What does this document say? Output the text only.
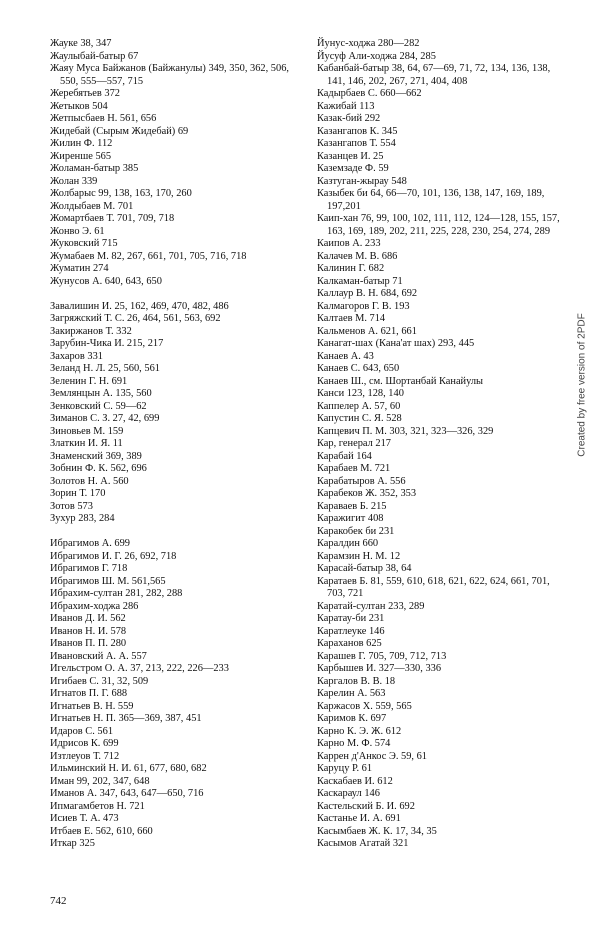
Жауке 38, 347
Жаулыбай-батыр 67
Жаяу Муса Байжанов (Байжанулы) 349, 350, 362, 506, 550, 555—557, 715
Жеребятьев 372
Жетыков 504
Жетпысбаев Н. 561, 656
Жидебай (Сырым Жидебай) 69
Жилин Ф. 112
Жиренше 565
Жоламан-батыр 385
Жолан 339
Жолбарыс 99, 138, 163, 170, 260
Жолдыбаев М. 701
Жомартбаев Т. 701, 709, 718
Жонво Э. 61
Жуковский 715
Жумабаев М. 82, 267, 661, 701, 705, 716, 718
Жуматин 274
Жунусов А. 640, 643, 650
Завалишин И. 25, 162, 469, 470, 482, 486
Загряжский Т. С. 26, 464, 561, 563, 692
Закиржанов Т. 332
Зарубин-Чика И. 215, 217
Захаров 331
Зеланд Н. Л. 25, 560, 561
Зеленин Г. Н. 691
Землянцын А. 135, 560
Зенковский С. 59—62
Зиманов С. З. 27, 42, 699
Зиновьев М. 159
Златкин И. Я. 11
Знаменский 369, 389
Зобнин Ф. К. 562, 696
Золотов Н. А. 560
Зорин Т. 170
Зотов 573
Зухур 283, 284
Ибрагимов А. 699
Ибрагимов И. Г. 26, 692, 718
Ибрагимов Г. 718
Ибрагимов Ш. М. 561,565
Ибрахим-султан 281, 282, 288
Ибрахим-ходжа 286
Иванов Д. И. 562
Иванов Н. И. 578
Иванов П. П. 280
Ивановский А. А. 557
Игельстром О. А. 37, 213, 222, 226—233
Игибаев С. 31, 32, 509
Игнатов П. Г. 688
Игнатьев В. Н. 559
Игнатьев Н. П. 365—369, 387, 451
Идаров С. 561
Идрисов К. 699
Изтлеуов Т. 712
Ильминский Н. И. 61, 677, 680, 682
Иман 99, 202, 347, 648
Иманов А. 347, 643, 647—650, 716
Ипмагамбетов Н. 721
Исиев Т. А. 473
Итбаев Е. 562, 610, 660
Иткар 325
Йунус-ходжа 280—282
Йусуф Али-ходжа 284, 285
Кабанбай-батыр 38, 64, 67—69, 71, 72, 134, 136, 138, 141, 146, 202, 267, 271, 404, 408
Кадырбаев С. 660—662
Кажибай 113
Казак-бий 292
Казангапов К. 345
Казангапов Т. 554
Казанцев И. 25
Каземзаде Ф. 59
Казтуган-жырау 548
Казыбек би 64, 66—70, 101, 136, 138, 147, 169, 189, 197,201
Каип-хан 76, 99, 100, 102, 111, 112, 124—128, 155, 157, 163, 169, 189, 202, 211, 225, 228, 230, 254, 274, 289
Каипов А. 233
Калачев М. В. 686
Калинин Г. 682
Калкаман-батыр 71
Каллаур В. Н. 684, 692
Калмагоров Г. В. 193
Калтаев М. 714
Кальменов А. 621, 661
Канагат-шах (Кана'ат шах) 293, 445
Канаев А. 43
Канаев С. 643, 650
Канаев Ш., см. Шортанбай Канайулы
Канси 123, 128, 140
Каппелер А. 57, 60
Капустин С. Я. 528
Капцевич П. М. 303, 321, 323—326, 329
Кар, генерал 217
Карабай 164
Карабаев М. 721
Карабатыров А. 556
Карабеков Ж. 352, 353
Караваев Б. 215
Каражигит 408
Каракобек би 231
Каралдин 660
Карамзин Н. М. 12
Карасай-батыр 38, 64
Каратаев Б. 81, 559, 610, 618, 621, 622, 624, 661, 701, 703, 721
Каратай-султан 233, 289
Каратау-би 231
Каратлеуке 146
Караханов 625
Карашев Г. 705, 709, 712, 713
Карбышев И. 327—330, 336
Каргалов В. В. 18
Карелин А. 563
Каржасов Х. 559, 565
Каримов К. 697
Карно К. Э. Ж. 612
Карно М. Ф. 574
Каррен д'Анкос Э. 59, 61
Каруцу Р. 61
Каскабаев И. 612
Каскараул 146
Кастельский Б. И. 692
Кастанье И. А. 691
Касымбаев Ж. К. 17, 34, 35
Касымов Агатай 321
742
Created by free version of 2PDF
